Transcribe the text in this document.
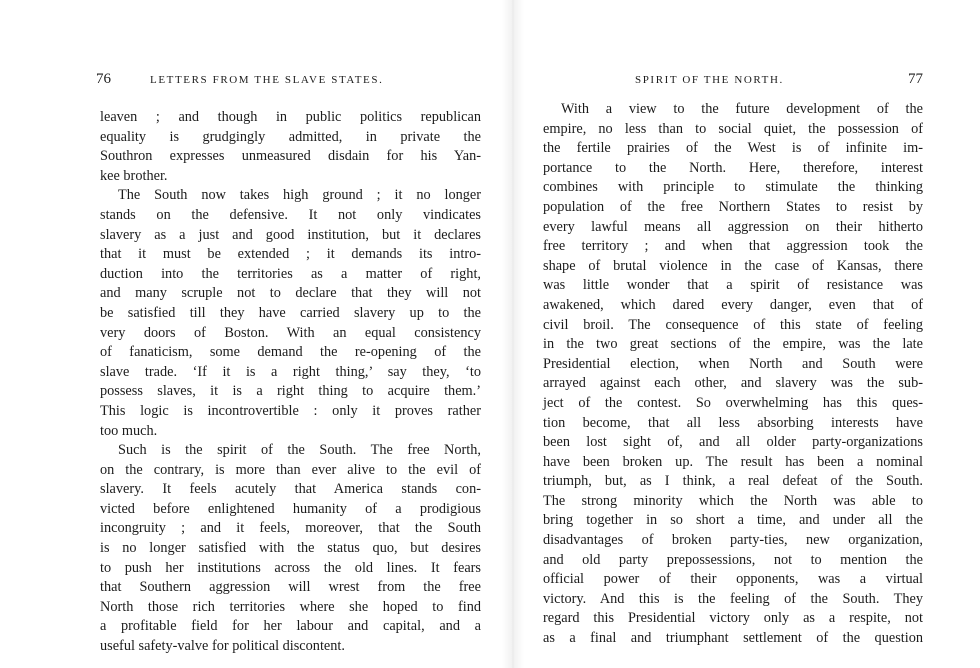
76	LETTERS FROM THE SLAVE STATES.
leaven ; and though in public politics republican
equality is grudgingly admitted, in private the
Southron expresses unmeasured disdain for his Yan-
kee brother.
The South now takes high ground ; it no longer
stands on the defensive. It not only vindicates
slavery as a just and good institution, but it declares
that it must be extended ; it demands its intro-
duction into the territories as a matter of right,
and many scruple not to declare that they will not
be satisfied till they have carried slavery up to the
very doors of Boston. With an equal consistency
of fanaticism, some demand the re-opening of the
slave trade. ‘If it is a right thing,’ say they, ‘to
possess slaves, it is a right thing to acquire them.’
This logic is incontrovertible : only it proves rather
too much.
Such is the spirit of the South. The free North,
on the contrary, is more than ever alive to the evil of
slavery. It feels acutely that America stands con-
victed before enlightened humanity of a prodigious
incongruity ; and it feels, moreover, that the South
is no longer satisfied with the status quo, but desires
to push her institutions across the old lines. It fears
that Southern aggression will wrest from the free
North those rich territories where she hoped to find
a profitable field for her labour and capital, and a
useful safety-valve for political discontent.
SPIRIT OF THE NORTH.	77
With a view to the future development of the
empire, no less than to social quiet, the possession of
the fertile prairies of the West is of infinite im-
portance to the North. Here, therefore, interest
combines with principle to stimulate the thinking
population of the free Northern States to resist by
every lawful means all aggression on their hitherto
free territory ; and when that aggression took the
shape of brutal violence in the case of Kansas, there
was little wonder that a spirit of resistance was
awakened, which dared every danger, even that of
civil broil. The consequence of this state of feeling
in the two great sections of the empire, was the late
Presidential election, when North and South were
arrayed against each other, and slavery was the sub-
ject of the contest. So overwhelming has this ques-
tion become, that all less absorbing interests have
been lost sight of, and all older party-organizations
have been broken up. The result has been a nominal
triumph, but, as I think, a real defeat of the South.
The strong minority which the North was able to
bring together in so short a time, and under all the
disadvantages of broken party-ties, new organization,
and old party prepossessions, not to mention the
official power of their opponents, was a virtual
victory. And this is the feeling of the South. They
regard this Presidential victory only as a respite, not
as a final and triumphant settlement of the question
